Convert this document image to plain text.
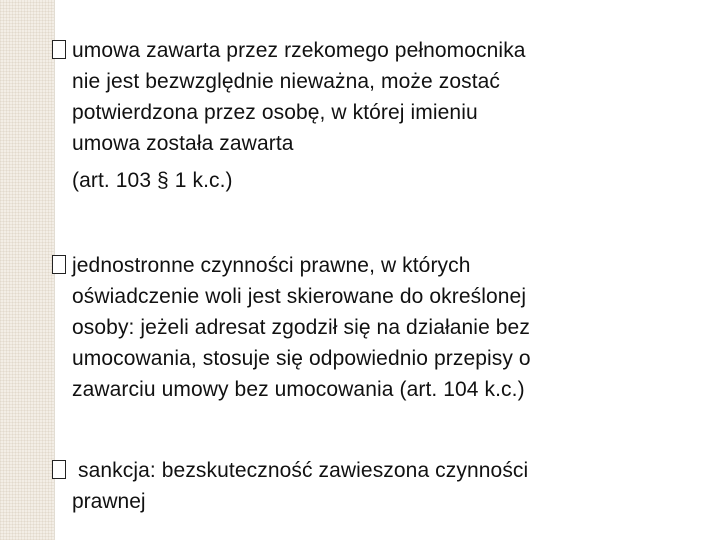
umowa zawarta przez rzekomego pełnomocnika
nie jest bezwzględnie nieważna, może zostać
potwierdzona przez osobę, w której imieniu
umowa została zawarta
(art. 103 § 1 k.c.)
jednostronne czynności prawne, w których
oświadczenie woli jest skierowane do określonej
osoby: jeżeli adresat zgodził się na działanie bez
umocowania, stosuje się odpowiednio przepisy o
zawarciu umowy bez umocowania (art. 104 k.c.)
sankcja: bezskuteczność zawieszona czynności
prawnej
